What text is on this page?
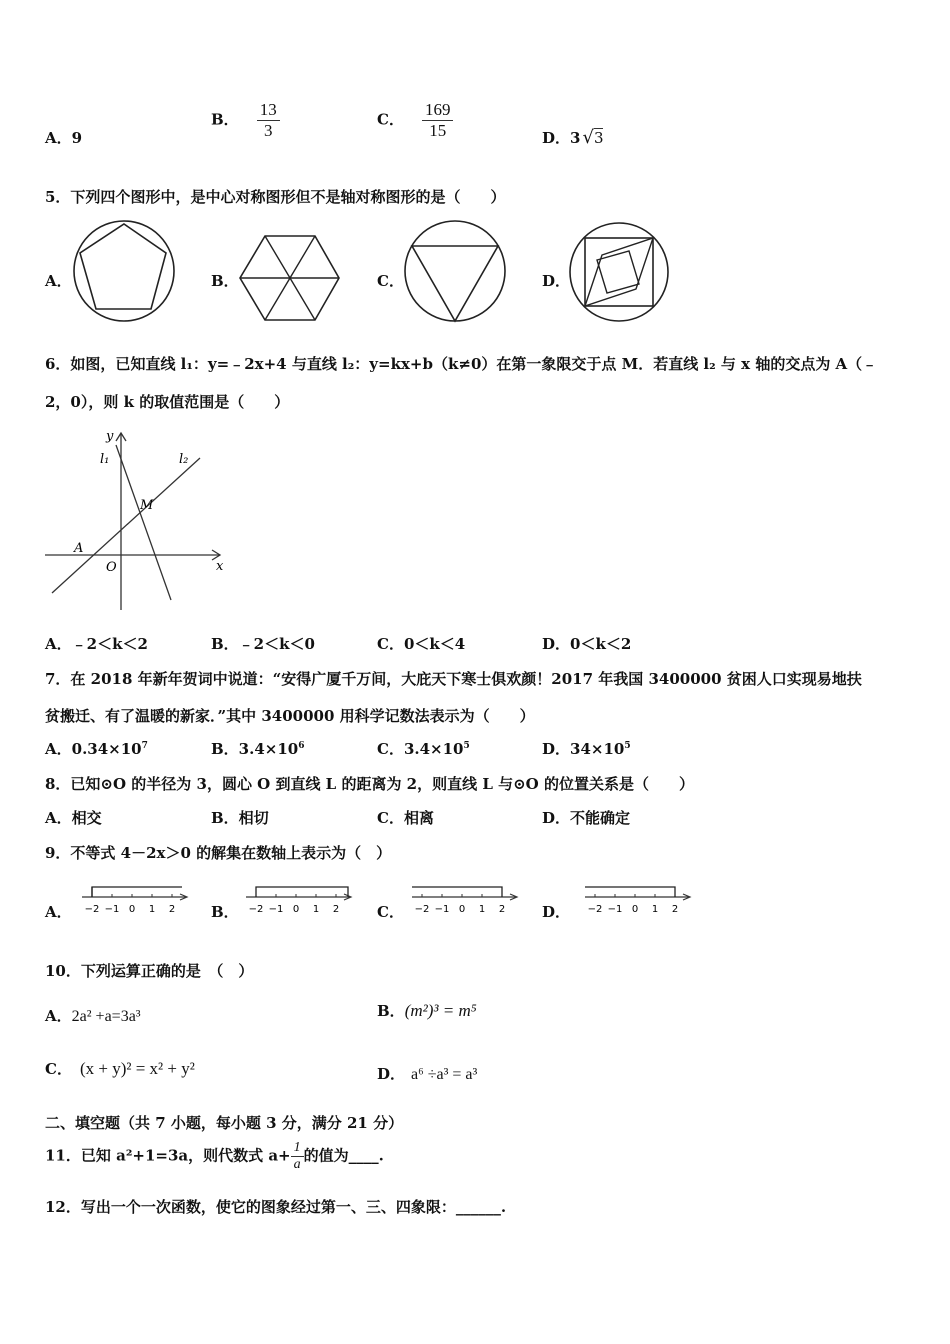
A．9
B． $\frac{13}{3}$	C． $\frac{169}{15}$	D．3 √3
5．下列四个图形中，是中心对称图形但不是轴对称图形的是（　　）
A．	B．	C．	D．
6．如图，已知直线 l₁：y=﹣2x+4 与直线 l₂：y=kx+b（k≠0）在第一象限交于点 M．若直线 l₂ 与 x 轴的交点为 A（﹣
2，0），则 k 的取值范围是（　　）
y
x
l₁	l₂
M
A
O
A．﹣2＜k＜2	B．﹣2＜k＜0	C．0＜k＜4	D．0＜k＜2
7．在 2018 年新年贺词中说道：“安得广厦千万间，大庇天下寒士俱欢颜！2017 年我国 3400000 贫困人口实现易地扶
贫搬迁、有了温暖的新家．”其中 3400000 用科学记数法表示为（　　）
A．$0.34\times 10^7$	B．$3.4\times 10^6$	C．$3.4\times 10^5$	D．$34\times 10^5$
8．已知⊙O 的半径为 3，圆心 O 到直线 L 的距离为 2，则直线 L 与⊙O 的位置关系是（　　）
A．相交	B．相切	C．相离	D．不能确定
9．不等式 4－2x＞0 的解集在数轴上表示为（　）
A．	B．	C．	D．
−2 −1 0 1 2	−2 −1 0 1 2	−2 −1 0 1 2	−2 −1 0 1 2
10．下列运算正确的是　（　）
A．2a² +a=3a³	B．(m²)³ = m⁵
C． (x + y)² = x² + y²	D． a⁶ ÷a³ = a³
二、填空题（共 7 小题，每小题 3 分，满分 21 分）
11．已知 a²+1=3a，则代数式 $a+ \frac{1}{a}$ 的值为____.
12．写出一个一次函数，使它的图象经过第一、三、四象限：______.
